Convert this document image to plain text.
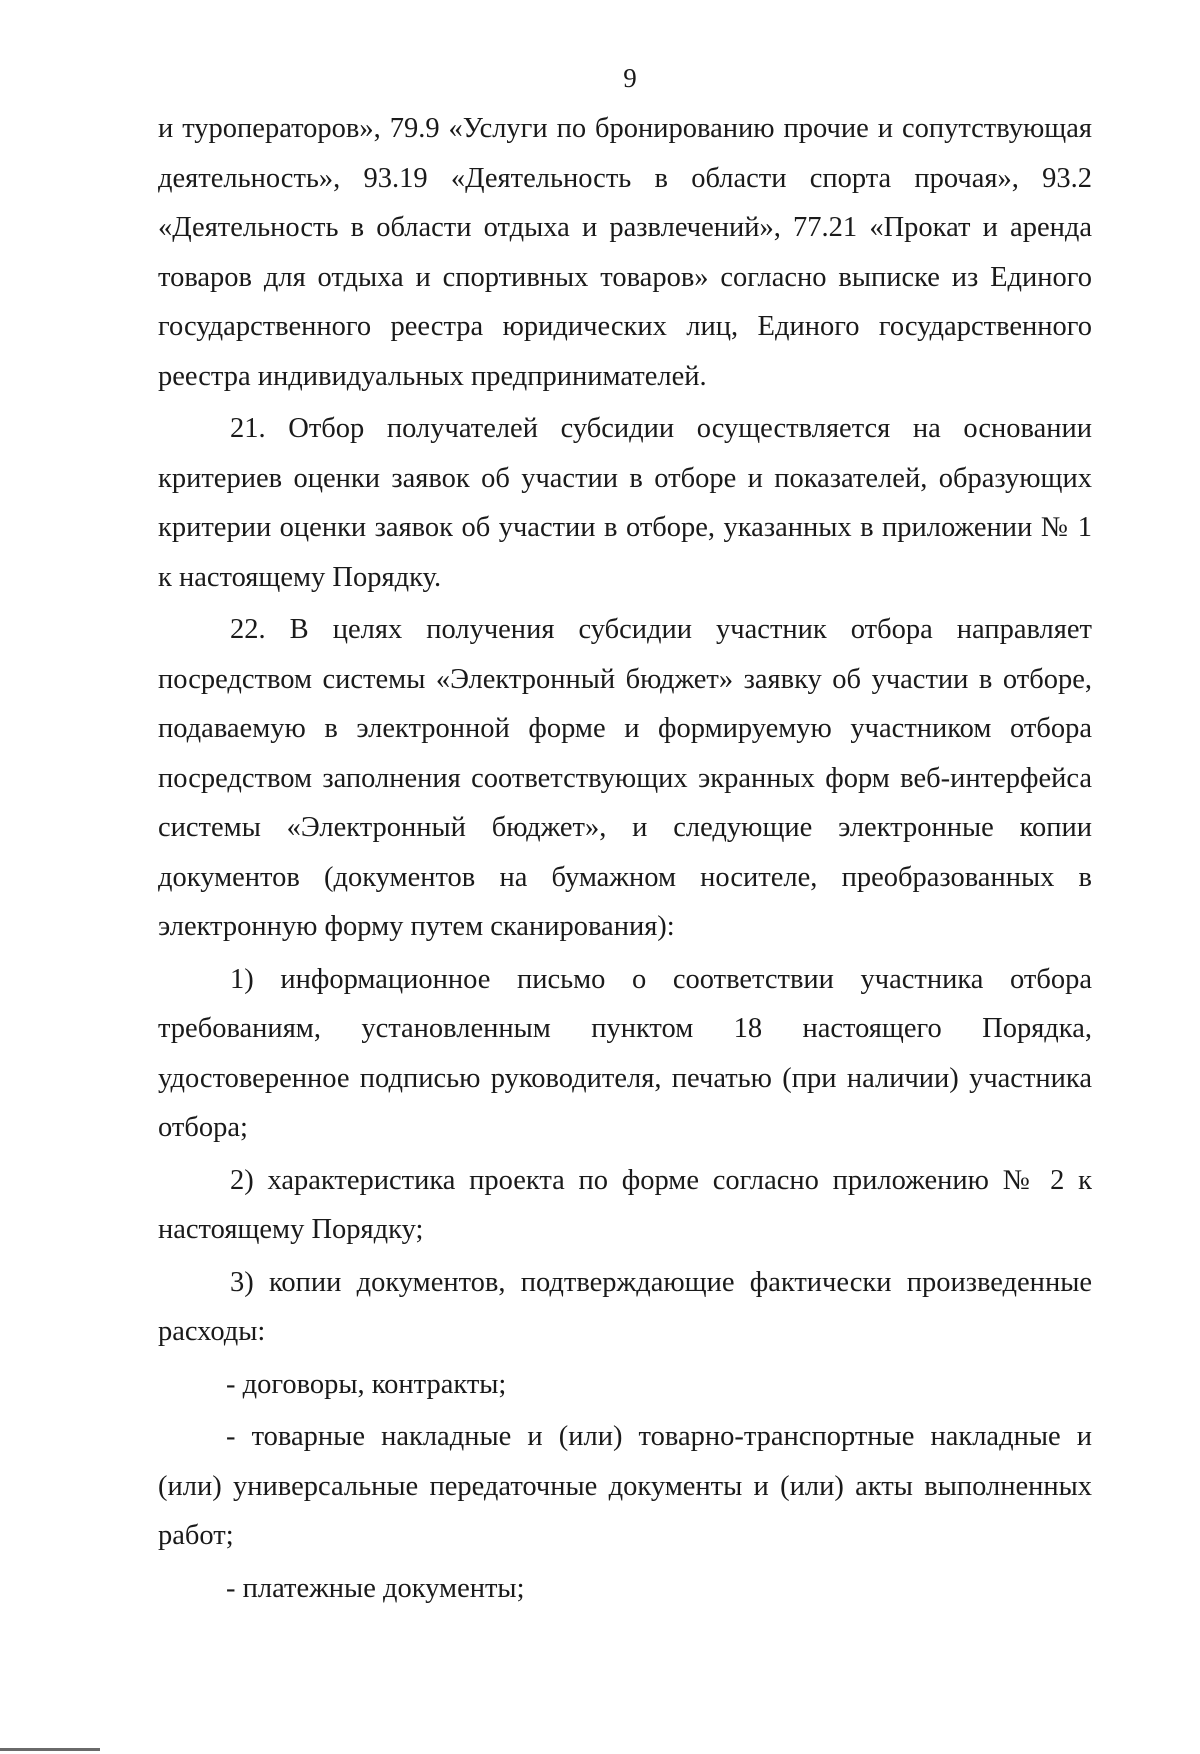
9

и туроператоров», 79.9 «Услуги по бронированию прочие и сопутствующая деятельность», 93.19 «Деятельность в области спорта прочая», 93.2 «Деятельность в области отдыха и развлечений», 77.21 «Прокат и аренда товаров для отдыха и спортивных товаров» согласно выписке из Единого государственного реестра юридических лиц, Единого государственного реестра индивидуальных предпринимателей.

21. Отбор получателей субсидии осуществляется на основании критериев оценки заявок об участии в отборе и показателей, образующих критерии оценки заявок об участии в отборе, указанных в приложении № 1 к настоящему Порядку.

22. В целях получения субсидии участник отбора направляет посредством системы «Электронный бюджет» заявку об участии в отборе, подаваемую в электронной форме и формируемую участником отбора посредством заполнения соответствующих экранных форм веб-интерфейса системы «Электронный бюджет», и следующие электронные копии документов (документов на бумажном носителе, преобразованных в электронную форму путем сканирования):

1) информационное письмо о соответствии участника отбора требованиям, установленным пунктом 18 настоящего Порядка, удостоверенное подписью руководителя, печатью (при наличии) участника отбора;

2) характеристика проекта по форме согласно приложению № 2 к настоящему Порядку;

3) копии документов, подтверждающие фактически произведенные расходы:

- договоры, контракты;

- товарные накладные и (или) товарно-транспортные накладные и (или) универсальные передаточные документы и (или) акты выполненных работ;

- платежные документы;
